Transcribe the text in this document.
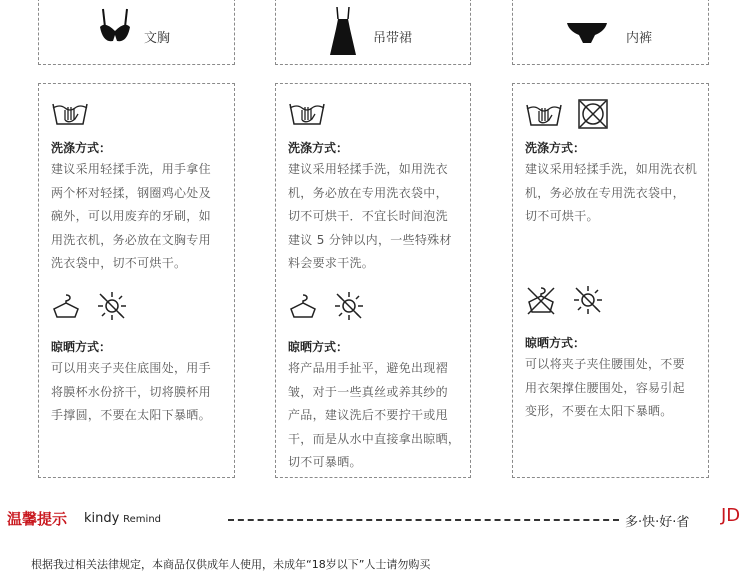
文胸
洗涤方式：
建议采用轻揉手洗，用手拿住
两个杯对轻揉，钢圈鸡心处及
碗外，可以用废弃的牙刷，如
用洗衣机，务必放在文胸专用
洗衣袋中，切不可烘干。
晾晒方式：
可以用夹子夹住底围处，用手
将膜杯水份挤干，切将膜杯用
手撑圆，不要在太阳下暴晒。
吊带裙
洗涤方式：
建议采用轻揉手洗，如用洗衣
机，务必放在专用洗衣袋中，
切不可烘干．不宜长时间泡洗
建议 5 分钟以内，一些特殊材
料会要求干洗。
晾晒方式：
将产品用手扯平，避免出现褶
皱，对于一些真丝或养其纱的
产品，建议洗后不要拧干或甩
干，而是从水中直接拿出晾晒，
切不可暴晒。
内裤
洗涤方式：
建议采用轻揉手洗，如用洗衣机
机，务必放在专用洗衣袋中，
切不可烘干。
晾晒方式：
可以将夹子夹住腰围处，不要
用衣架撑住腰围处，容易引起
变形，不要在太阳下暴晒。
温馨提示 kindy Remind	多·快·好·省 JD
根据我过相关法律规定，本商品仅供成年人使用，未成年“18岁以下”人士请勿购买
